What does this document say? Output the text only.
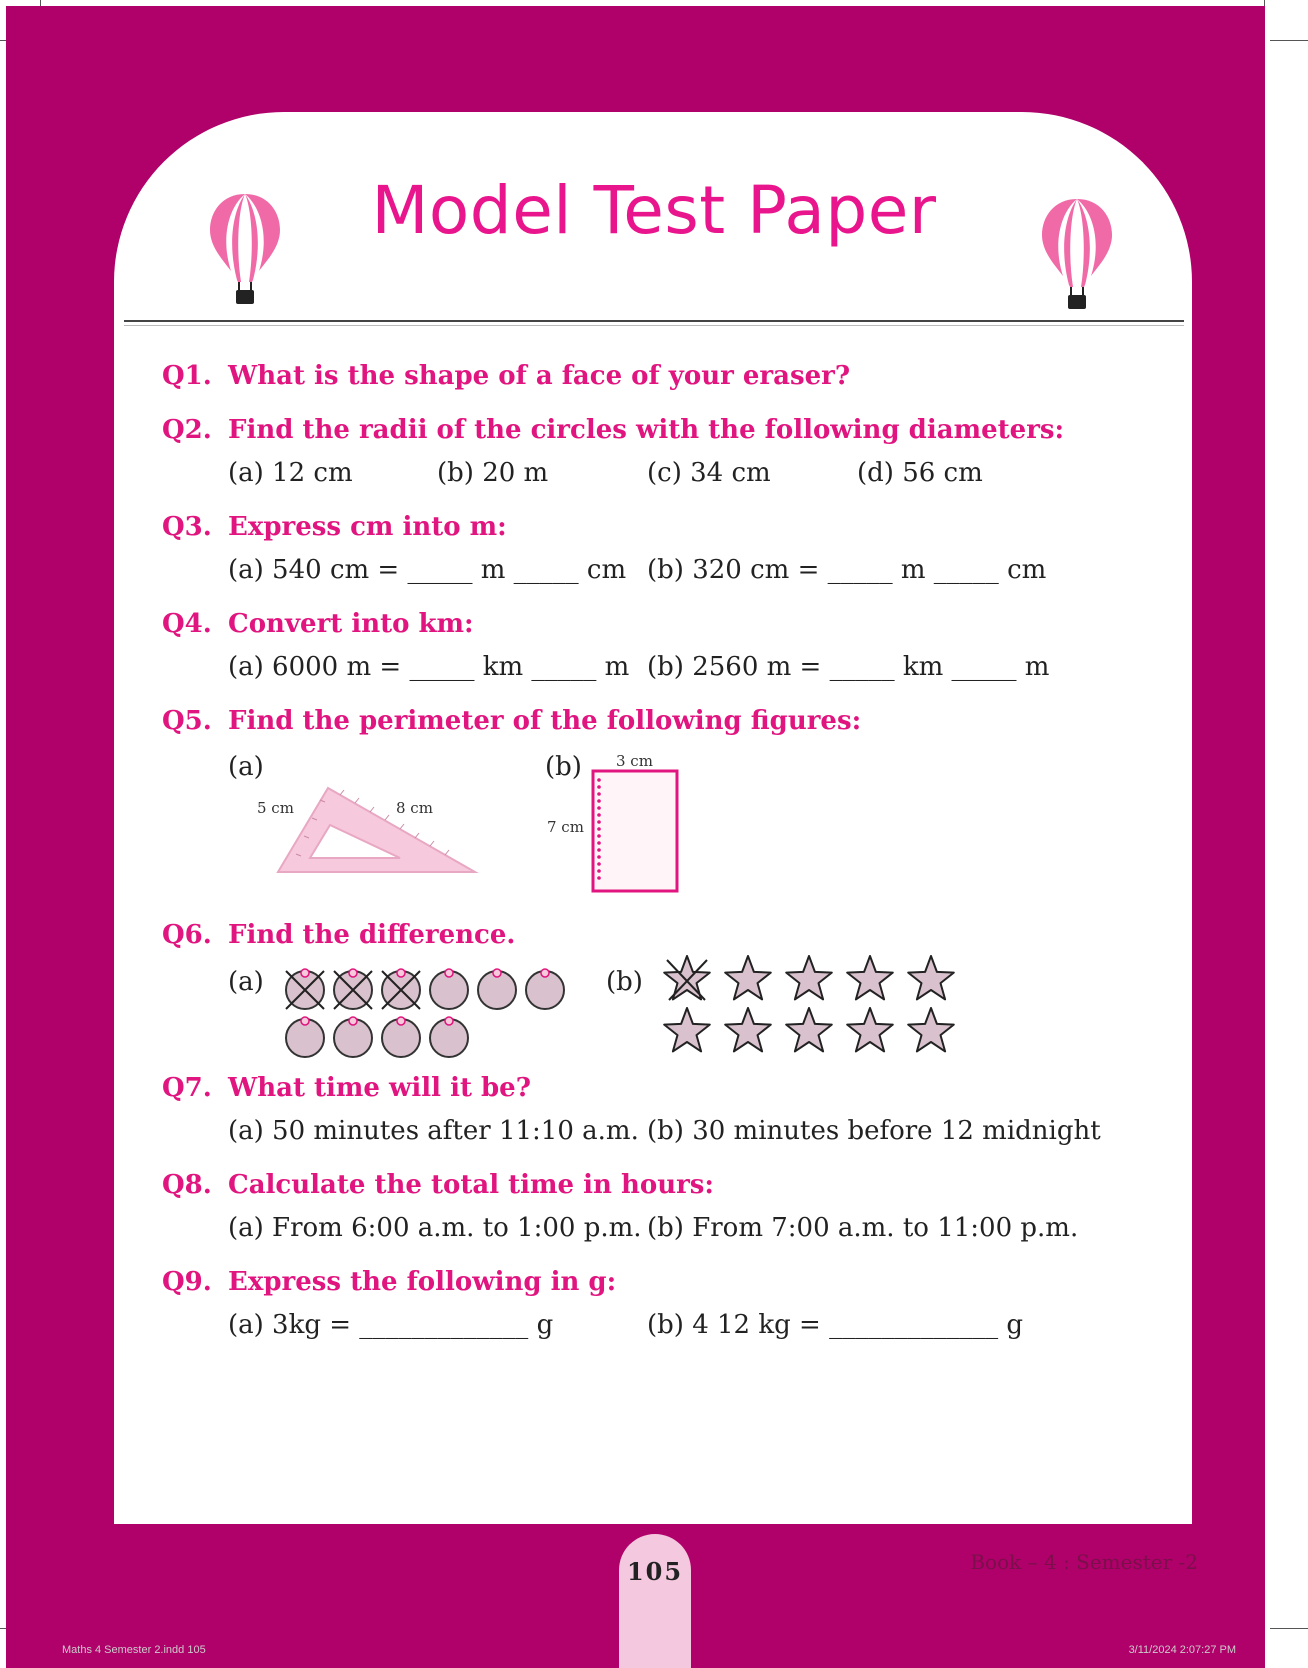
Model Test Paper
Q1. What is the shape of a face of your eraser?
Q2. Find the radii of the circles with the following diameters:
(a) 12 cm	(b) 20 m	(c) 34 cm	(d) 56 cm
Q3. Express cm into m:
(a) 540 cm = _____ m _____ cm (b) 320 cm = _____ m _____ cm
Q4. Convert into km:
(a) 6000 m = _____ km _____ m (b) 2560 m = _____ km _____ m
Q5. Find the perimeter of the following figures:
(a)	(b)
5 cm	8 cm
3 cm
7 cm
Q6. Find the difference.
(a)	(b)
Q7. What time will it be?
(a) 50 minutes after 11:10 a.m. (b) 30 minutes before 12 midnight
Q8. Calculate the total time in hours:
(a) From 6:00 a.m. to 1:00 p.m. (b) From 7:00 a.m. to 11:00 p.m.
Q9. Express the following in g:
(a) 3kg = _____________ g	(b) 4 12 kg = _____________ g
105	Book – 4 : Semester -2
Maths 4 Semester 2.indd 105	3/11/2024 2:07:27 PM
